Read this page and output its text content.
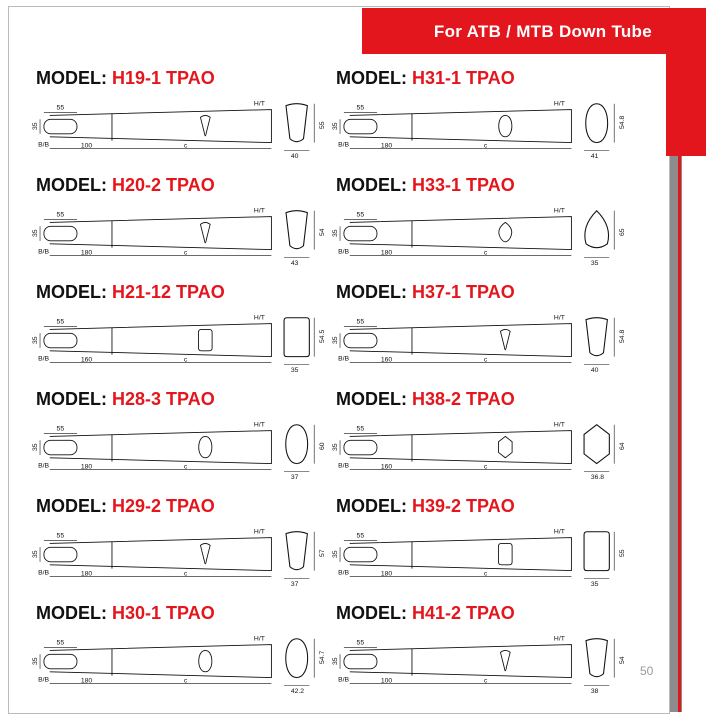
For ATB / MTB Down Tube
50
MODEL: H19-1 TPAO
55
35
100	c
B/B
H/T
55
40
MODEL: H31-1 TPAO
55
35
180	c
B/B
H/T
54.8
41
MODEL: H20-2 TPAO
55
35
180	c
B/B
H/T
54
43
MODEL: H33-1 TPAO
55
35
180	c
B/B
H/T
65
35
MODEL: H21-12 TPAO
55
35
160	c
B/B
H/T
54.5
35
MODEL: H37-1 TPAO
55
35
160	c
B/B
H/T
54.8
40
MODEL: H28-3 TPAO
55
35
180	c
B/B
H/T
60
37
MODEL: H38-2 TPAO
55
35
160	c
B/B
H/T
64
36.8
MODEL: H29-2 TPAO
55
35
180	c
B/B
H/T
57
37
MODEL: H39-2 TPAO
55
35
180	c
B/B
H/T
55
35
MODEL: H30-1 TPAO
55
35
180	c
B/B
H/T
54.7
42.2
MODEL: H41-2 TPAO
55
35
100	c
B/B
H/T
54
38
